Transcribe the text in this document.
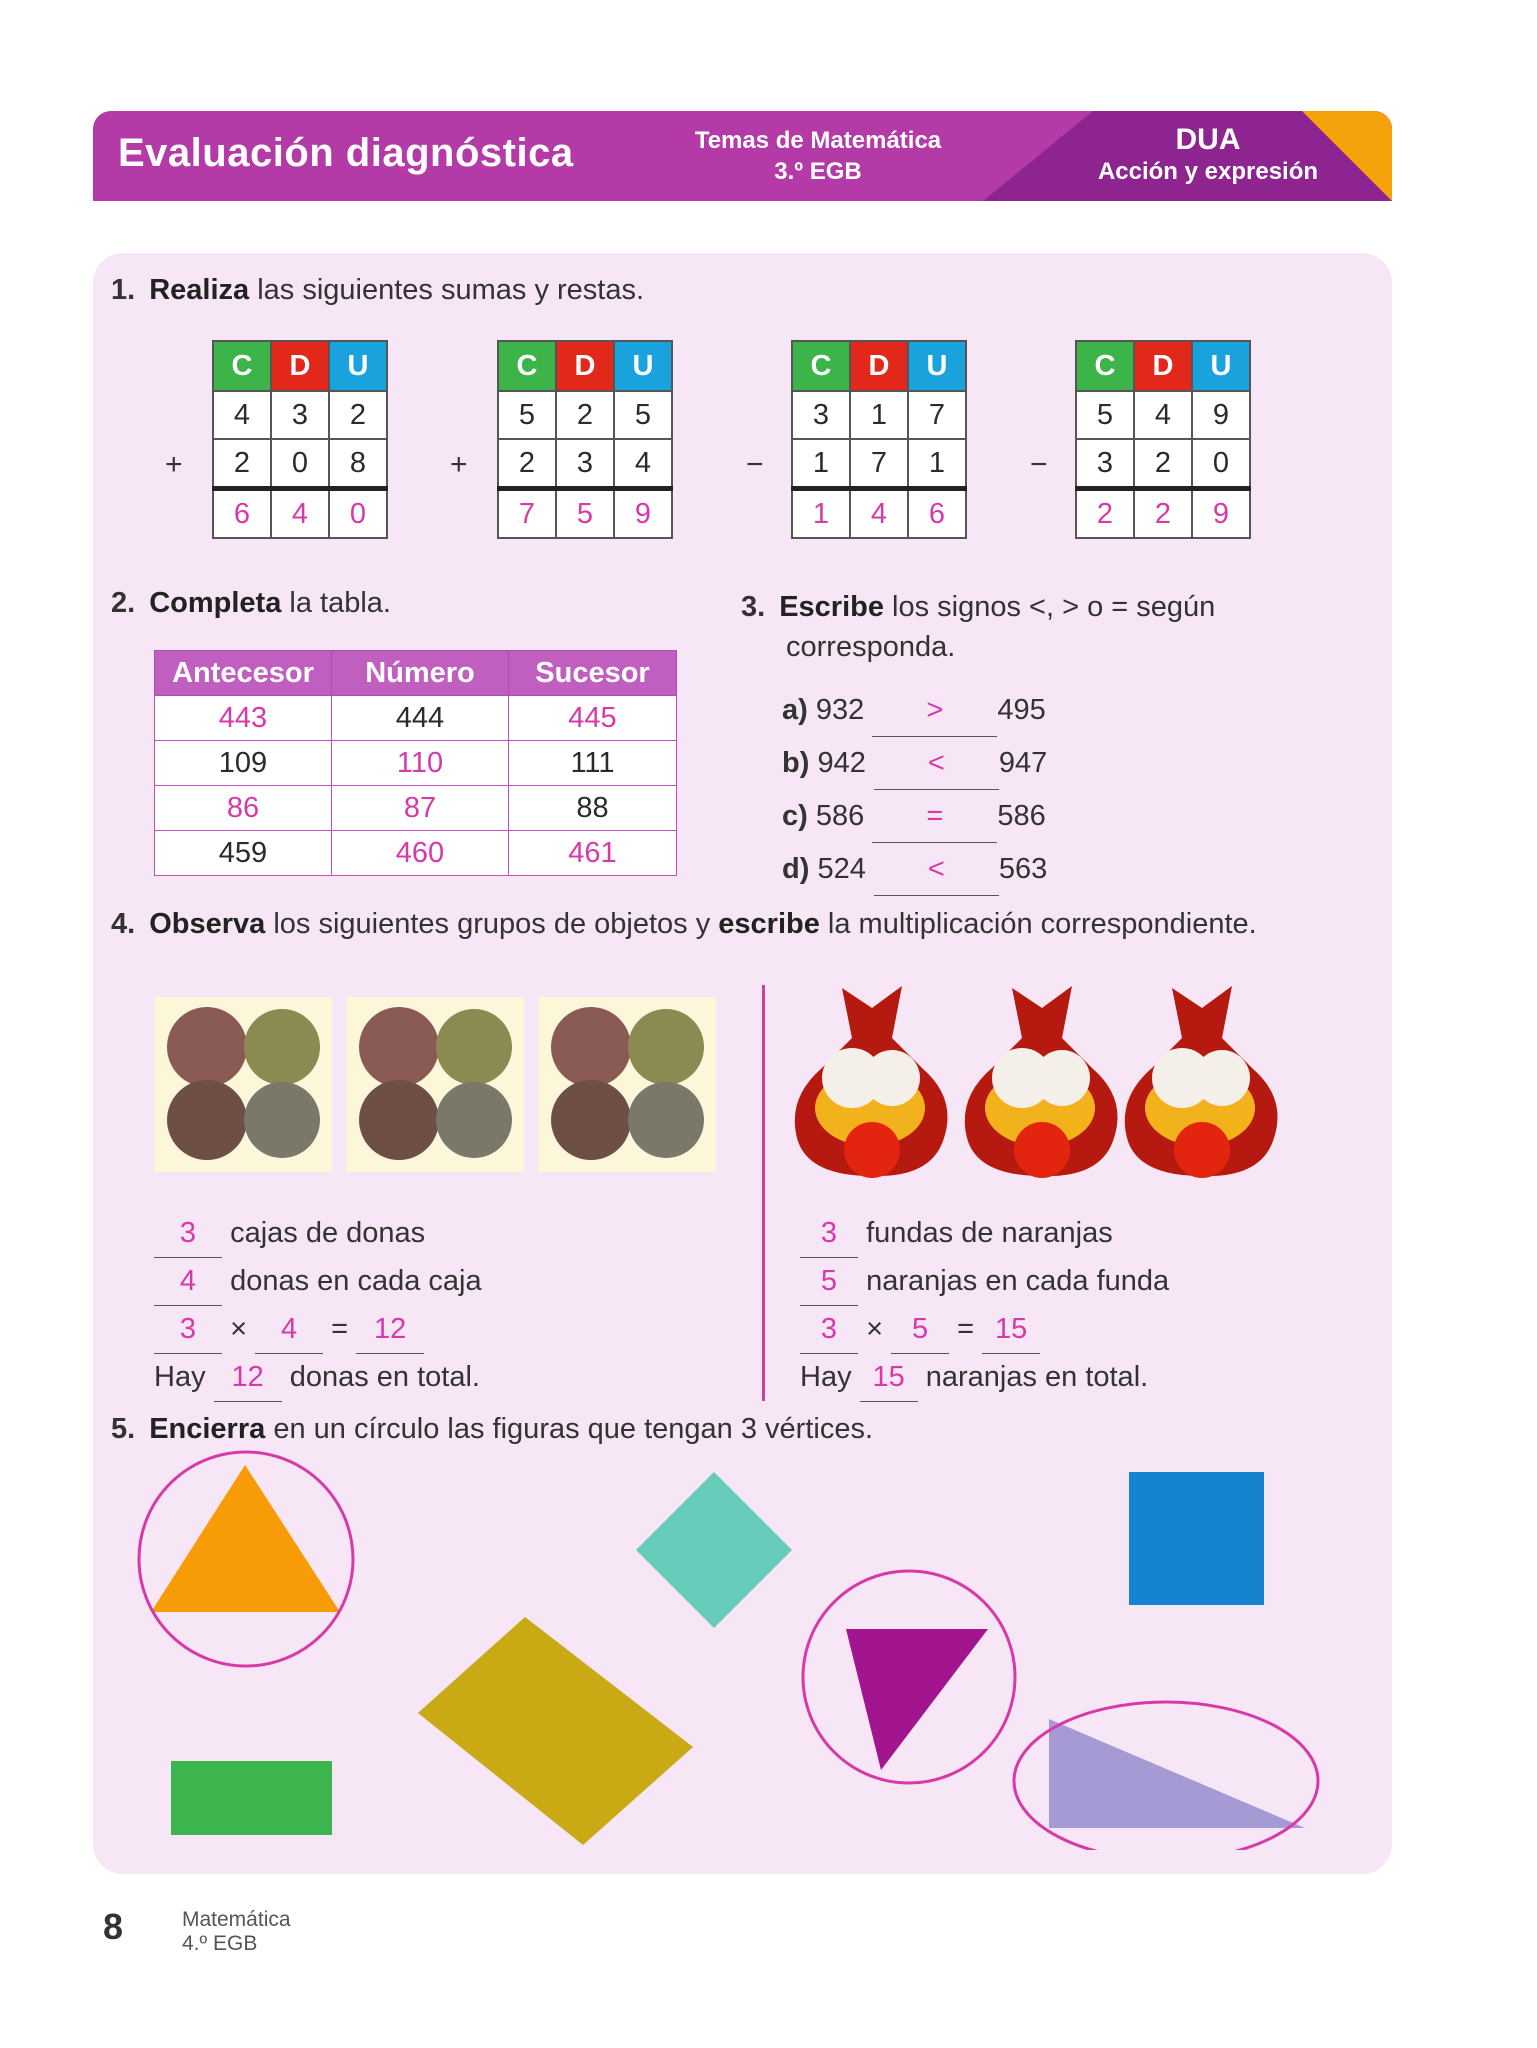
Evaluación diagnóstica	Temas de Matemática
3.º EGB
DUA
Acción y expresión
1. Realiza las siguientes sumas y restas.
+
C	D	U
4	3	2
2	0	8
6	4	0
+
C	D	U
5	2	5
2	3	4
7	5	9
−
C	D	U
3	1	7
1	7	1
1	4	6
−
C	D	U
5	4	9
3	2	0
2	2	9
2. Completa la tabla.
Antecesor	Número	Sucesor
443	444	445
109	110	111
86	87	88
459	460	461
3. Escribe los signos <, > o = según
corresponda.
a) 932 > 495
b) 942 < 947
c) 586 = 586
d) 524 < 563
4. Observa los siguientes grupos de objetos y escribe la multiplicación correspondiente.
3 cajas de donas
4 donas en cada caja
3 × 4 = 12
Hay 12 donas en total.
3 fundas de naranjas
5 naranjas en cada funda
3 × 5 = 15
Hay 15 naranjas en total.
5. Encierra en un círculo las figuras que tengan 3 vértices.
8	Matemática
4.º EGB
